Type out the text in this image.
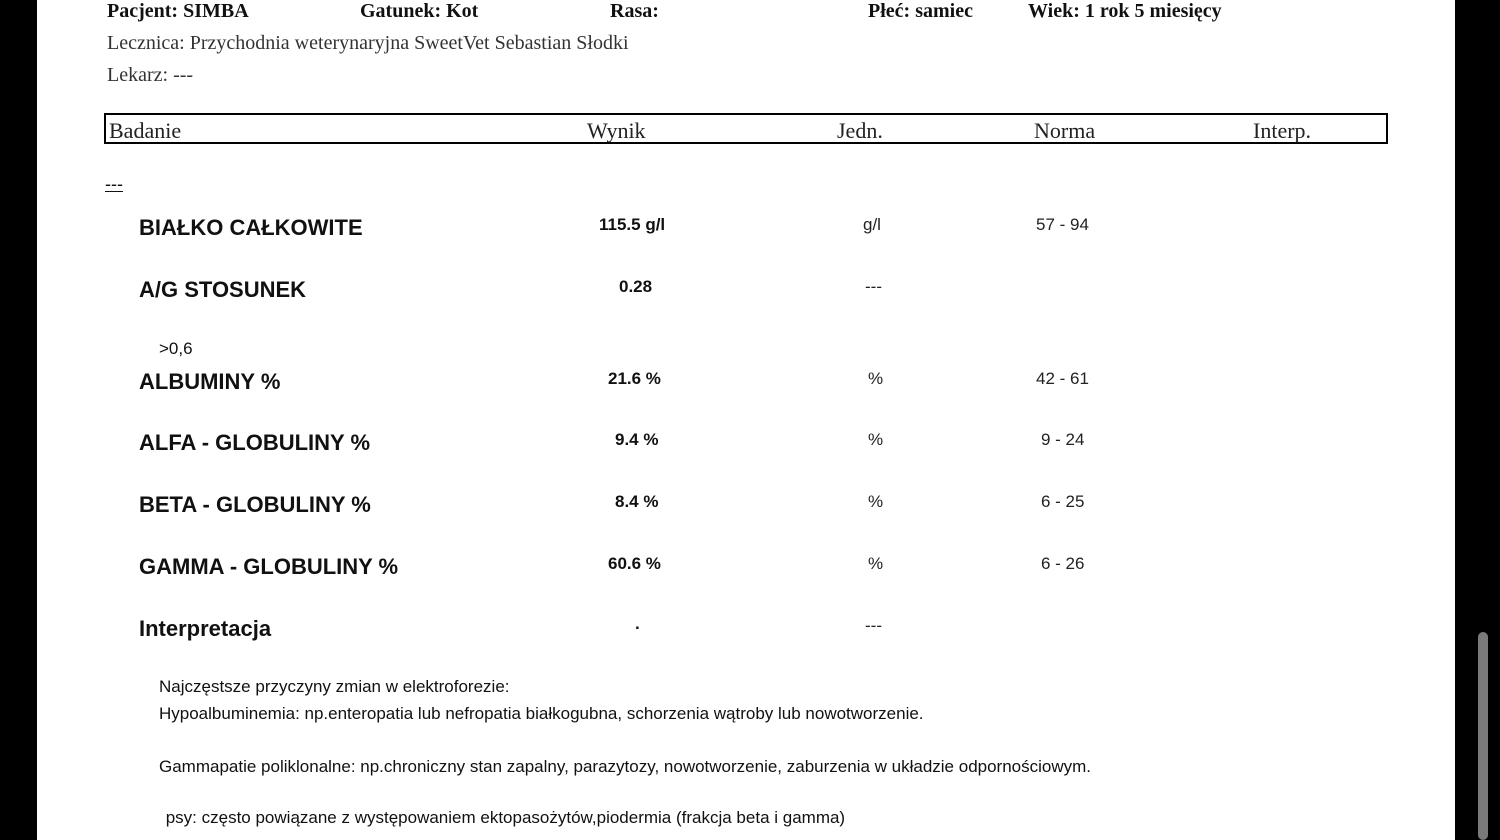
Pacjent: SIMBA	Gatunek: Kot	Rasa:	Płeć: samiec	Wiek: 1 rok 5 miesięcy
Lecznica: Przychodnia weterynaryjna SweetVet Sebastian Słodki
Lekarz: ---
Badanie	Wynik	Jedn.	Norma	Interp.
---
BIAŁKO CAŁKOWITE	115.5 g/l	g/l	57 - 94
A/G STOSUNEK	0.28	---
>0,6
ALBUMINY %	21.6 %	%	42 - 61
ALFA - GLOBULINY %	9.4 %	%	9 - 24
BETA - GLOBULINY %	8.4 %	%	6 - 25
GAMMA - GLOBULINY %	60.6 %	%	6 - 26
Interpretacja	.	---
Najczęstsze przyczyny zmian w elektroforezie:
Hypoalbuminemia: np.enteropatia lub nefropatia białkogubna, schorzenia wątroby lub nowotworzenie.
Gammapatie poliklonalne: np.chroniczny stan zapalny, parazytozy, nowotworzenie, zaburzenia w układzie odpornościowym.
psy: często powiązane z występowaniem ektopasożytów,piodermia (frakcja beta i gamma)
